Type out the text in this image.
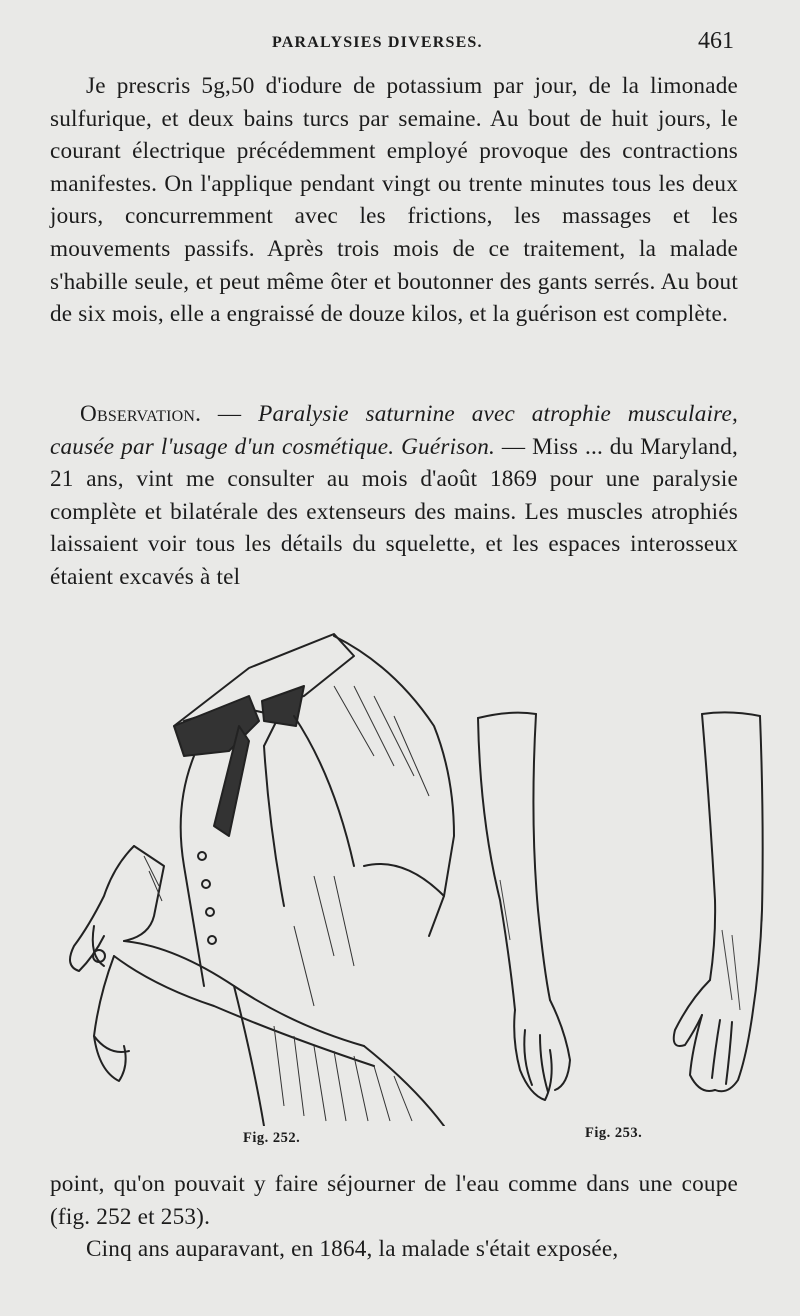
PARALYSIES DIVERSES.	461

Je prescris 5g,50 d'iodure de potassium par jour, de la limonade sulfurique, et deux bains turcs par semaine. Au bout de huit jours, le courant électrique précédemment employé provoque des contractions manifestes. On l'applique pendant vingt ou trente minutes tous les deux jours, concurremment avec les frictions, les massages et les mouvements passifs. Après trois mois de ce traitement, la malade s'habille seule, et peut même ôter et boutonner des gants serrés. Au bout de six mois, elle a engraissé de douze kilos, et la guérison est complète.

Observation. — Paralysie saturnine avec atrophie musculaire, causée par l'usage d'un cosmétique. Guérison. — Miss ... du Maryland, 21 ans, vint me consulter au mois d'août 1869 pour une paralysie complète et bilatérale des extenseurs des mains. Les muscles atrophiés laissaient voir tous les détails du squelette, et les espaces interosseux étaient excavés à tel

Fig. 252.	Fig. 253.

point, qu'on pouvait y faire séjourner de l'eau comme dans une coupe (fig. 252 et 253).

Cinq ans auparavant, en 1864, la malade s'était exposée,
